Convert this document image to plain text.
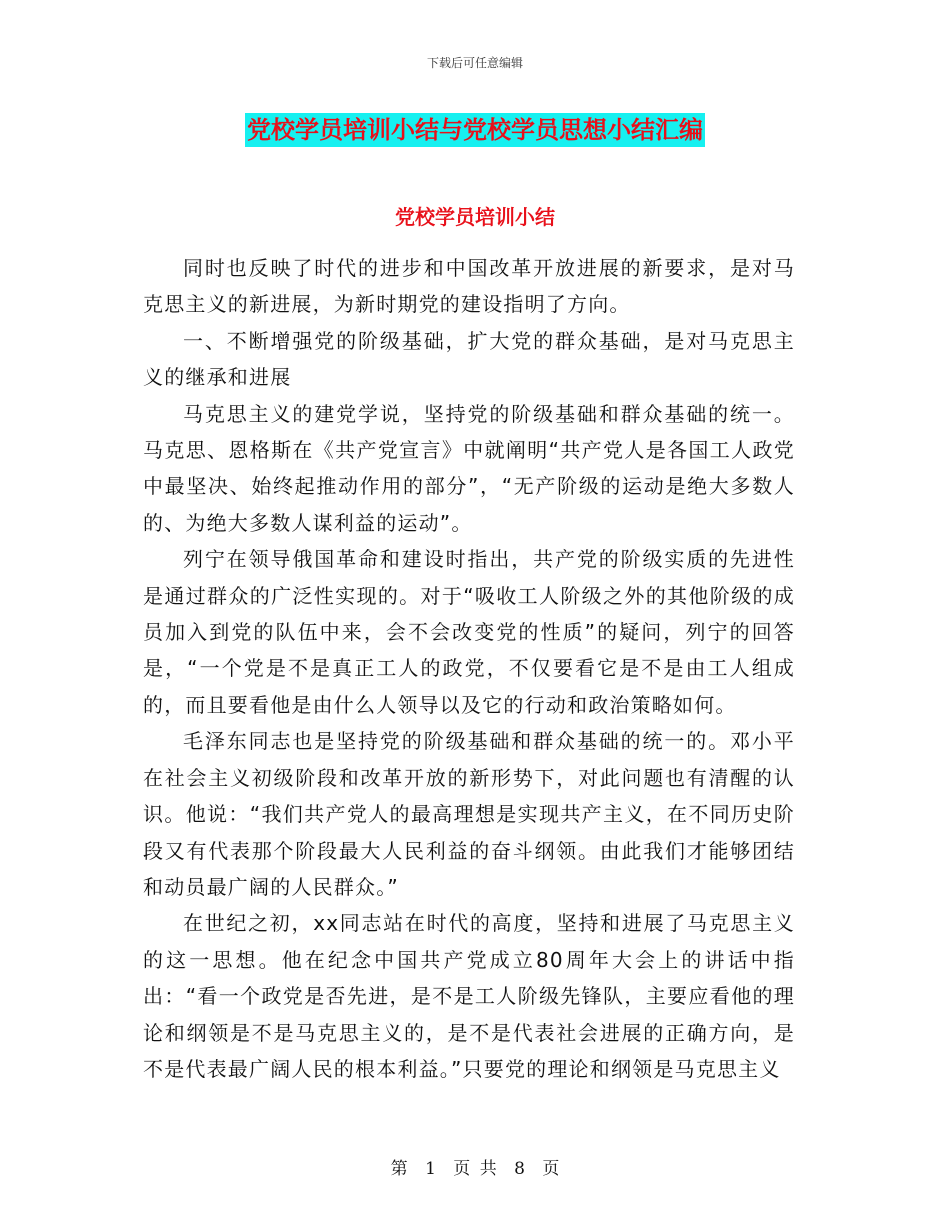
下载后可任意编辑
党校学员培训小结与党校学员思想小结汇编
党校学员培训小结

同时也反映了时代的进步和中国改革开放进展的新要求，是对马克思主义的新进展，为新时期党的建设指明了方向。

一、不断增强党的阶级基础，扩大党的群众基础，是对马克思主义的继承和进展

马克思主义的建党学说，坚持党的阶级基础和群众基础的统一。马克思、恩格斯在《共产党宣言》中就阐明“共产党人是各国工人政党中最坚决、始终起推动作用的部分”，“无产阶级的运动是绝大多数人的、为绝大多数人谋利益的运动”。

列宁在领导俄国革命和建设时指出，共产党的阶级实质的先进性是通过群众的广泛性实现的。对于“吸收工人阶级之外的其他阶级的成员加入到党的队伍中来，会不会改变党的性质”的疑问，列宁的回答是，“一个党是不是真正工人的政党，不仅要看它是不是由工人组成的，而且要看他是由什么人领导以及它的行动和政治策略如何。

毛泽东同志也是坚持党的阶级基础和群众基础的统一的。邓小平在社会主义初级阶段和改革开放的新形势下，对此问题也有清醒的认识。他说：“我们共产党人的最高理想是实现共产主义，在不同历史阶段又有代表那个阶段最大人民利益的奋斗纲领。由此我们才能够团结和动员最广阔的人民群众。”

在世纪之初，xx同志站在时代的高度，坚持和进展了马克思主义的这一思想。他在纪念中国共产党成立80周年大会上的讲话中指出：“看一个政党是否先进，是不是工人阶级先锋队，主要应看他的理论和纲领是不是马克思主义的，是不是代表社会进展的正确方向，是不是代表最广阔人民的根本利益。”只要党的理论和纲领是马克思主义

第 1 页 共 8 页
